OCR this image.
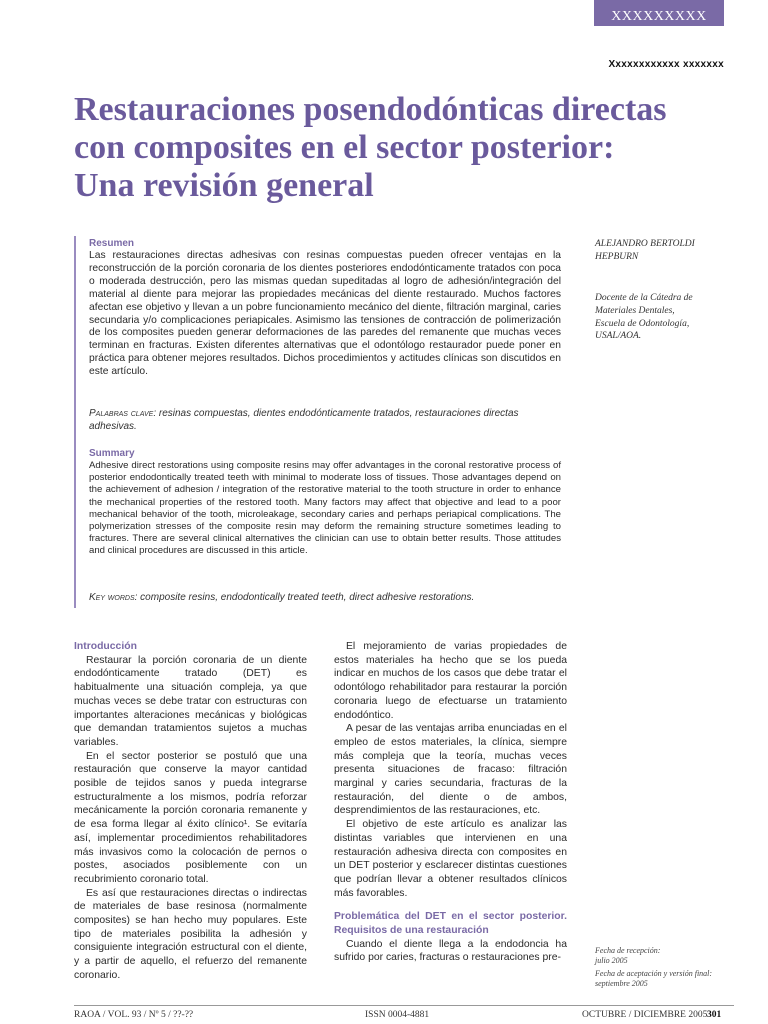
XXXXXXXXX
Xxxxxxxxxxxx xxxxxxx
Restauraciones posendodónticas directas
con composites en el sector posterior:
Una revisión general

Resumen

Las restauraciones directas adhesivas con resinas compuestas pueden ofrecer ventajas en la reconstrucción de la porción coronaria de los dientes posteriores endodónticamente tratados con poca o moderada destrucción, pero las mismas quedan supeditadas al logro de adhesión/integración del material al diente para mejorar las propiedades mecánicas del diente restaurado. Muchos factores afectan ese objetivo y llevan a un pobre funcionamiento mecánico del diente, filtración marginal, caries secundaria y/o complicaciones periapicales. Asimismo las tensiones de contracción de polimerización de los composites pueden generar deformaciones de las paredes del remanente que muchas veces terminan en fracturas. Existen diferentes alternativas que el odontólogo restaurador puede poner en práctica para obtener mejores resultados. Dichos procedimientos y actitudes clínicas son discutidos en este artículo.

Palabras clave: resinas compuestas, dientes endodónticamente tratados, restauraciones directas adhesivas.

Summary

Adhesive direct restorations using composite resins may offer advantages in the coronal restorative process of posterior endodontically treated teeth with minimal to moderate loss of tissues. Those advantages depend on the achievement of adhesion / integration of the restorative material to the tooth structure in order to enhance the mechanical properties of the restored tooth. Many factors may affect that objective and lead to a poor mechanical behavior of the tooth, microleakage, secondary caries and perhaps periapical complications. The polymerization stresses of the composite resin may deform the remaining structure sometimes leading to fractures. There are several clinical alternatives the clinician can use to obtain better results. Those attitudes and clinical procedures are discussed in this article.

Key words: composite resins, endodontically treated teeth, direct adhesive restorations.

ALEJANDRO BERTOLDI
HEPBURN
Docente de la Cátedra de
Materiales Dentales,
Escuela de Odontología,
USAL/AOA.
Introducción

Restaurar la porción coronaria de un diente endodónticamente tratado (DET) es habitualmente una situación compleja, ya que muchas veces se debe tratar con estructuras con importantes alteraciones mecánicas y biológicas que demandan tratamientos sujetos a muchas variables.

En el sector posterior se postuló que una restauración que conserve la mayor cantidad posible de tejidos sanos y pueda integrarse estructuralmente a los mismos, podría reforzar mecánicamente la porción coronaria remanente y de esa forma llegar al éxito clínico¹. Se evitaría así, implementar procedimientos rehabilitadores más invasivos como la colocación de pernos o postes, asociados posiblemente con un recubrimiento coronario total.

Es así que restauraciones directas o indirectas de materiales de base resinosa (normalmente composites) se han hecho muy populares. Este tipo de materiales posibilita la adhesión y consiguiente integración estructural con el diente, y a partir de aquello, el refuerzo del remanente coronario.

El mejoramiento de varias propiedades de estos materiales ha hecho que se los pueda indicar en muchos de los casos que debe tratar el odontólogo rehabilitador para restaurar la porción coronaria luego de efectuarse un tratamiento endodóntico.

A pesar de las ventajas arriba enunciadas en el empleo de estos materiales, la clínica, siempre más compleja que la teoría, muchas veces presenta situaciones de fracaso: filtración marginal y caries secundaria, fracturas de la restauración, del diente o de ambos, desprendimientos de las restauraciones, etc.

El objetivo de este artículo es analizar las distintas variables que intervienen en una restauración adhesiva directa con composites en un DET posterior y esclarecer distintas cuestiones que podrían llevar a obtener resultados clínicos más favorables.

Problemática del DET en el sector posterior. Requisitos de una restauración

Cuando el diente llega a la endodoncia ha sufrido por caries, fracturas o restauraciones pre-

Fecha de recepción:
julio 2005
Fecha de aceptación y versión final:
septiembre 2005
RAOA / VOL. 93 / Nº 5 / ??-??	ISSN 0004-4881	OCTUBRE / DICIEMBRE 2005 301
